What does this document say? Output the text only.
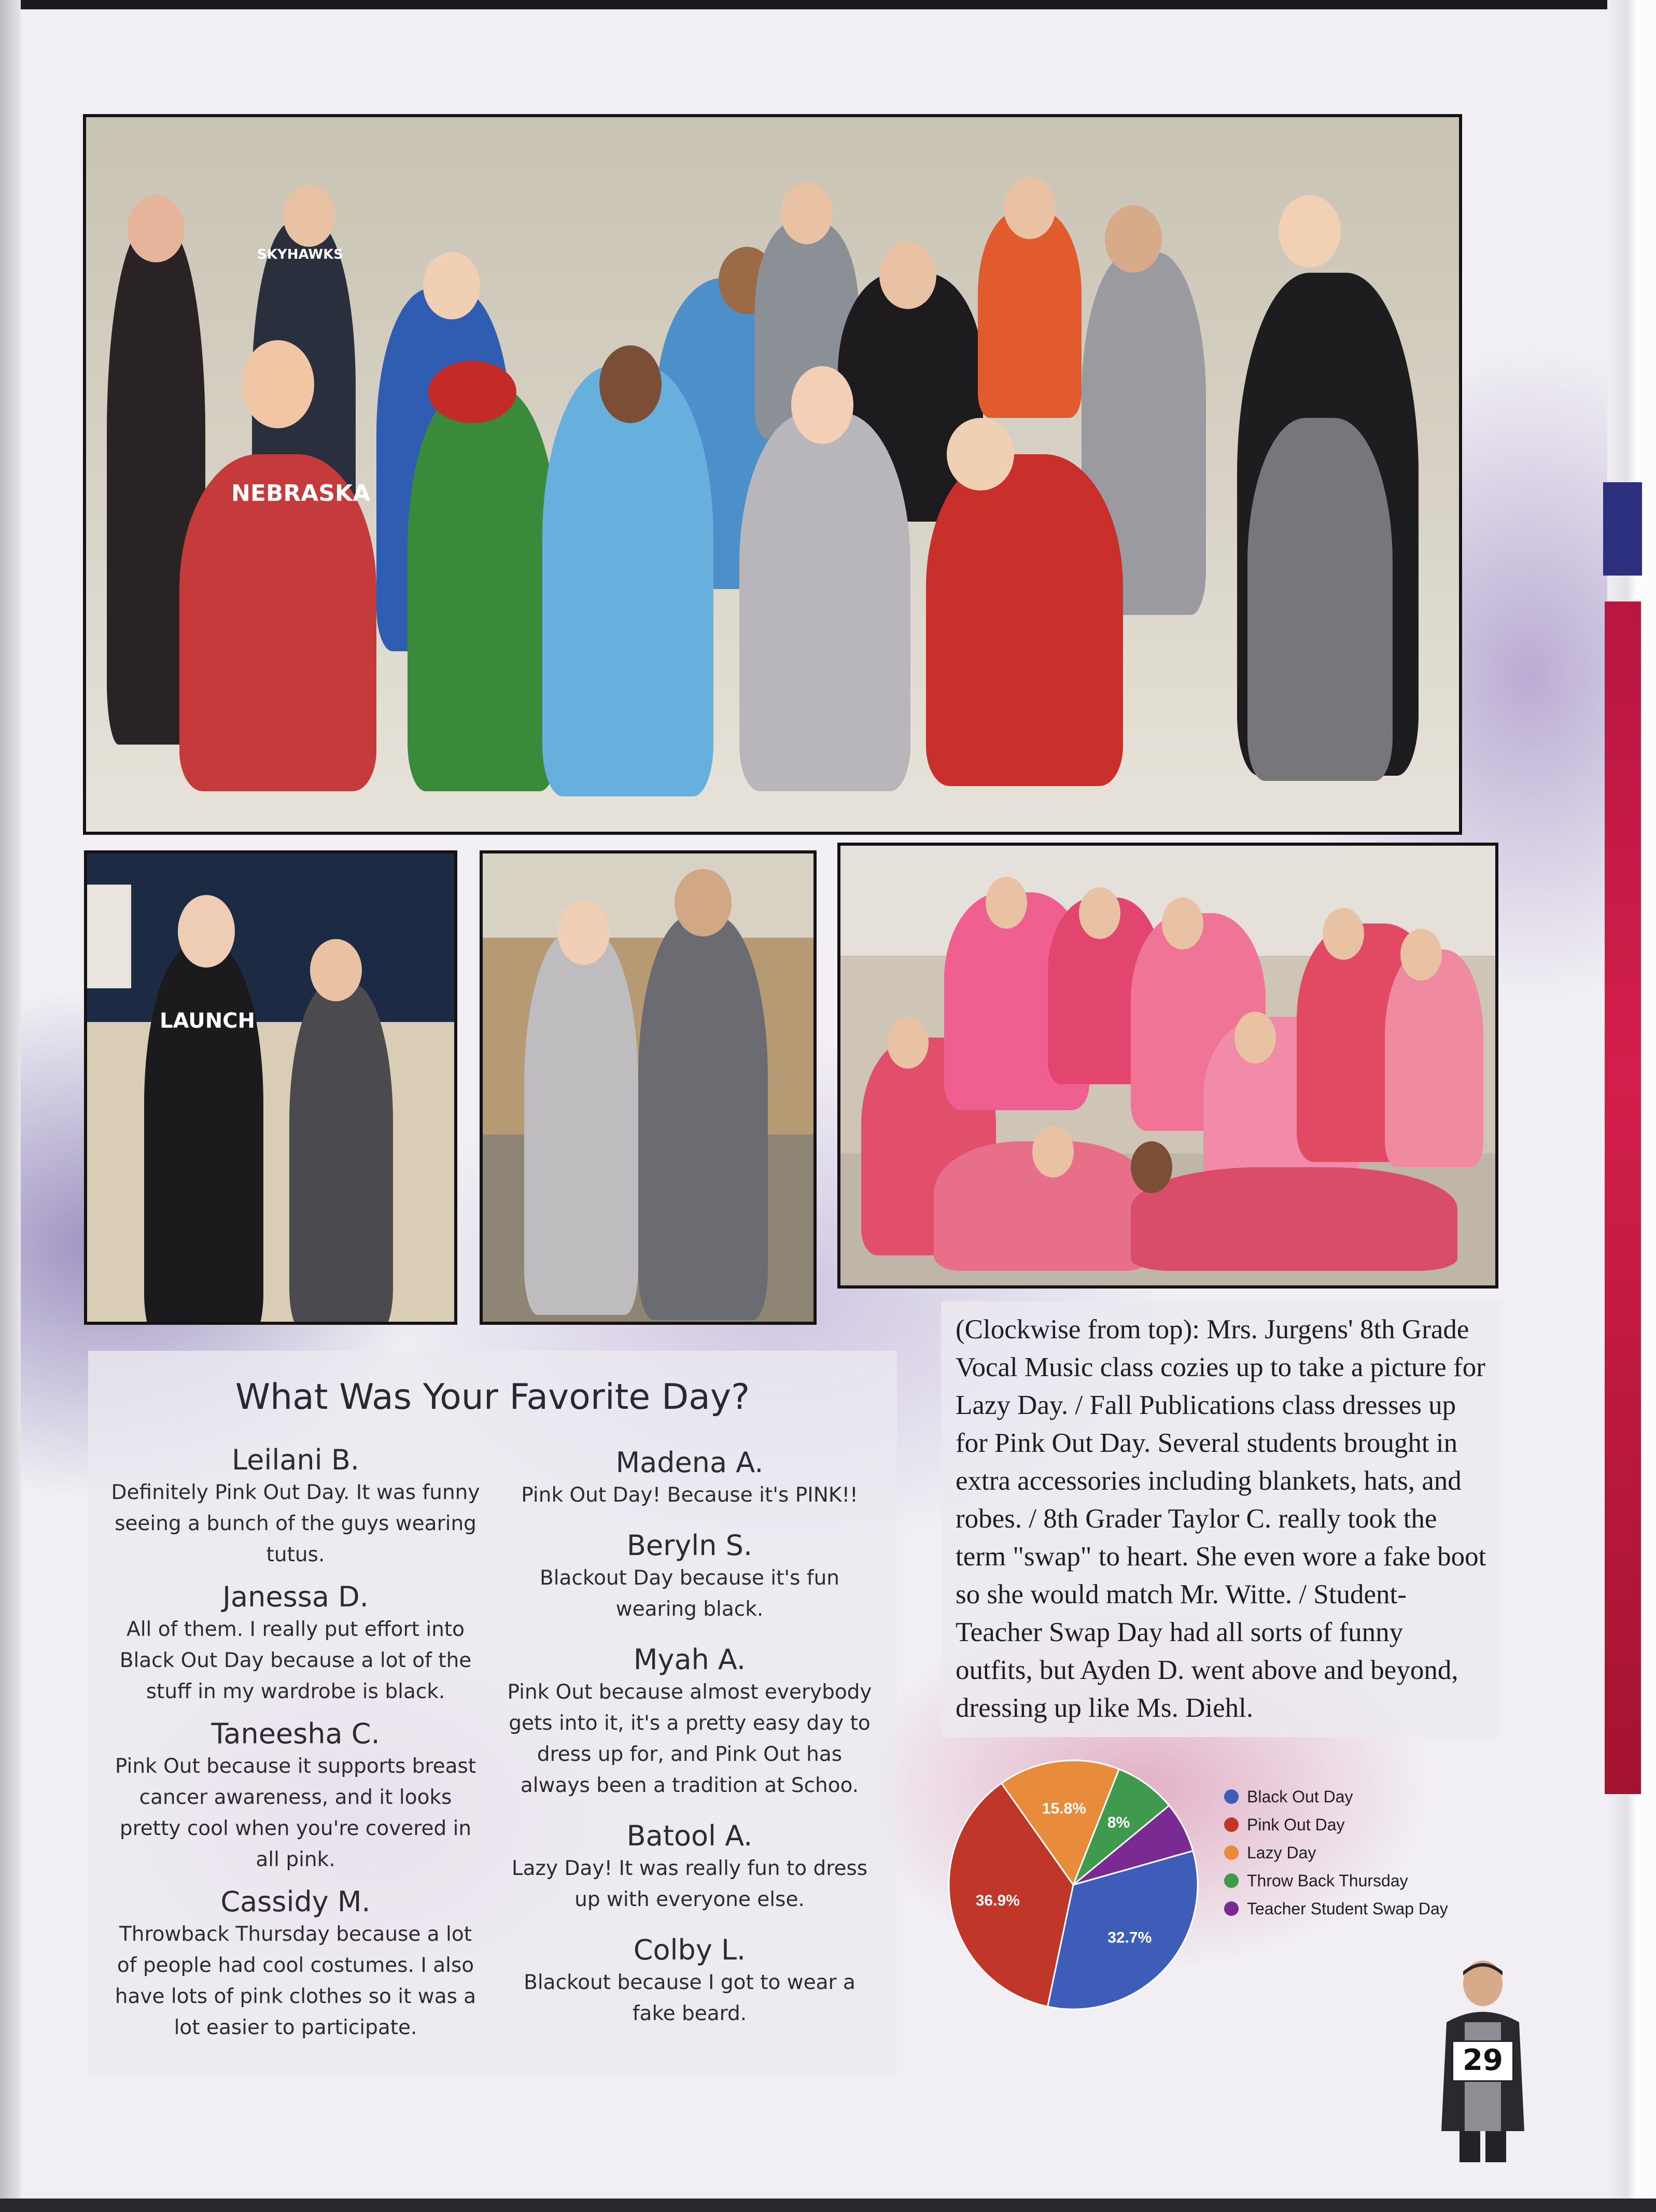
NEBRASKA
SKYHAWKS
LAUNCH
What Was Your Favorite Day?
Leilani B.
Definitely Pink Out Day. It was funny seeing a bunch of the guys wearing tutus.
Janessa D.
All of them. I really put effort into Black Out Day because a lot of the stuff in my wardrobe is black.
Taneesha C.
Pink Out because it supports breast cancer awareness, and it looks pretty cool when you're covered in all pink.
Cassidy M.
Throwback Thursday because a lot of people had cool costumes. I also have lots of pink clothes so it was a lot easier to participate.
Madena A.
Pink Out Day! Because it's PINK!!
Beryln S.
Blackout Day because it's fun wearing black.
Myah A.
Pink Out because almost everybody gets into it, it's a pretty easy day to dress up for, and Pink Out has always been a tradition at Schoo.
Batool A.
Lazy Day! It was really fun to dress up with everyone else.
Colby L.
Blackout because I got to wear a fake beard.

(Clockwise from top): Mrs. Jurgens' 8th Grade Vocal Music class cozies up to take a picture for Lazy Day. / Fall Publications class dresses up for Pink Out Day. Several students brought in extra accessories including blankets, hats, and robes. / 8th Grader Taylor C. really took the term "swap" to heart. She even wore a fake boot so she would match Mr. Witte. / Student-Teacher Swap Day had all sorts of funny outfits, but Ayden D. went above and beyond, dressing up like Ms. Diehl.

15.8%
8%
32.7%
36.9%
Black Out Day
Pink Out Day
Lazy Day
Throw Back Thursday
Teacher Student Swap Day
29
